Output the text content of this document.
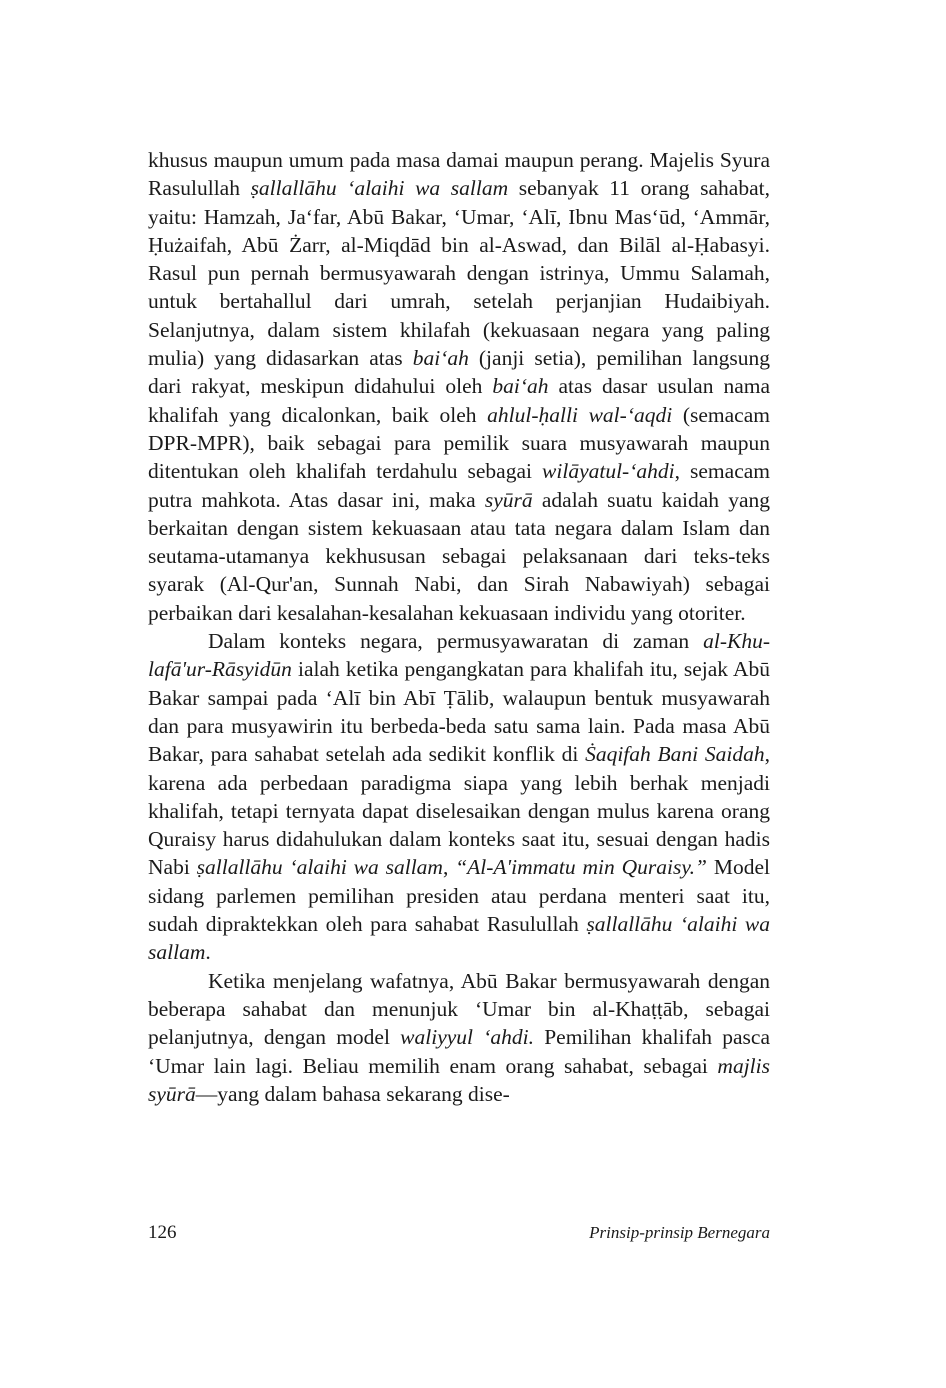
khusus maupun umum pada masa damai maupun perang. Majelis Syura Rasulullah ṣallallāhu ‘alaihi wa sallam sebanyak 11 orang sahabat, yaitu: Hamzah, Ja‘far, Abū Bakar, ‘Umar, ‘Alī, Ibnu Mas‘ūd, ‘Ammār, Ḥużaifah, Abū Żarr, al-Miqdād bin al-Aswad, dan Bilāl al-Ḥabasyi. Rasul pun pernah bermusyawarah dengan istrinya, Ummu Salamah, untuk bertahallul dari umrah, setelah perjanjian Hudaibiyah. Selanjutnya, dalam sistem khilafah (kekuasaan negara yang paling mulia) yang didasarkan atas bai‘ah (janji setia), pemilihan langsung dari rakyat, meskipun didahului oleh bai‘ah atas dasar usulan nama khalifah yang dicalonkan, baik oleh ahlul-ḥalli wal-‘aqdi (semacam DPR-MPR), baik sebagai para pemilik suara musyawarah maupun ditentukan oleh khalifah terdahulu sebagai wilāyatul-‘ahdi, semacam putra mahkota. Atas dasar ini, maka syūrā adalah suatu kaidah yang berkaitan dengan sistem kekuasaan atau tata negara dalam Islam dan seutama-utamanya kekhususan sebagai pelaksanaan dari teks-teks syarak (Al-Qur'an, Sunnah Nabi, dan Sirah Nabawiyah) sebagai perbaikan dari kesalahan-kesalahan kekuasaan individu yang otoriter.

Dalam konteks negara, permusyawaratan di zaman al-Khulafā'ur-Rāsyidūn ialah ketika pengangkatan para khalifah itu, sejak Abū Bakar sampai pada ‘Alī bin Abī Ṭālib, walaupun bentuk musyawarah dan para musyawirin itu berbeda-beda satu sama lain. Pada masa Abū Bakar, para sahabat setelah ada sedikit konflik di Ṡaqifah Bani Saidah, karena ada perbedaan paradigma siapa yang lebih berhak menjadi khalifah, tetapi ternyata dapat diselesaikan dengan mulus karena orang Quraisy harus didahulukan dalam konteks saat itu, sesuai dengan hadis Nabi ṣallallāhu ‘alaihi wa sallam, “Al-A'immatu min Quraisy.” Model sidang parlemen pemilihan presiden atau perdana menteri saat itu, sudah dipraktekkan oleh para sahabat Rasulullah ṣallallāhu ‘alaihi wa sallam.

Ketika menjelang wafatnya, Abū Bakar bermusyawarah dengan beberapa sahabat dan menunjuk ‘Umar bin al-Khaṭṭāb, sebagai pelanjutnya, dengan model waliyyul ‘ahdi. Pemilihan khalifah pasca ‘Umar lain lagi. Beliau memilih enam orang sahabat, sebagai majlis syūrā—yang dalam bahasa sekarang dise-

126	Prinsip-prinsip Bernegara
